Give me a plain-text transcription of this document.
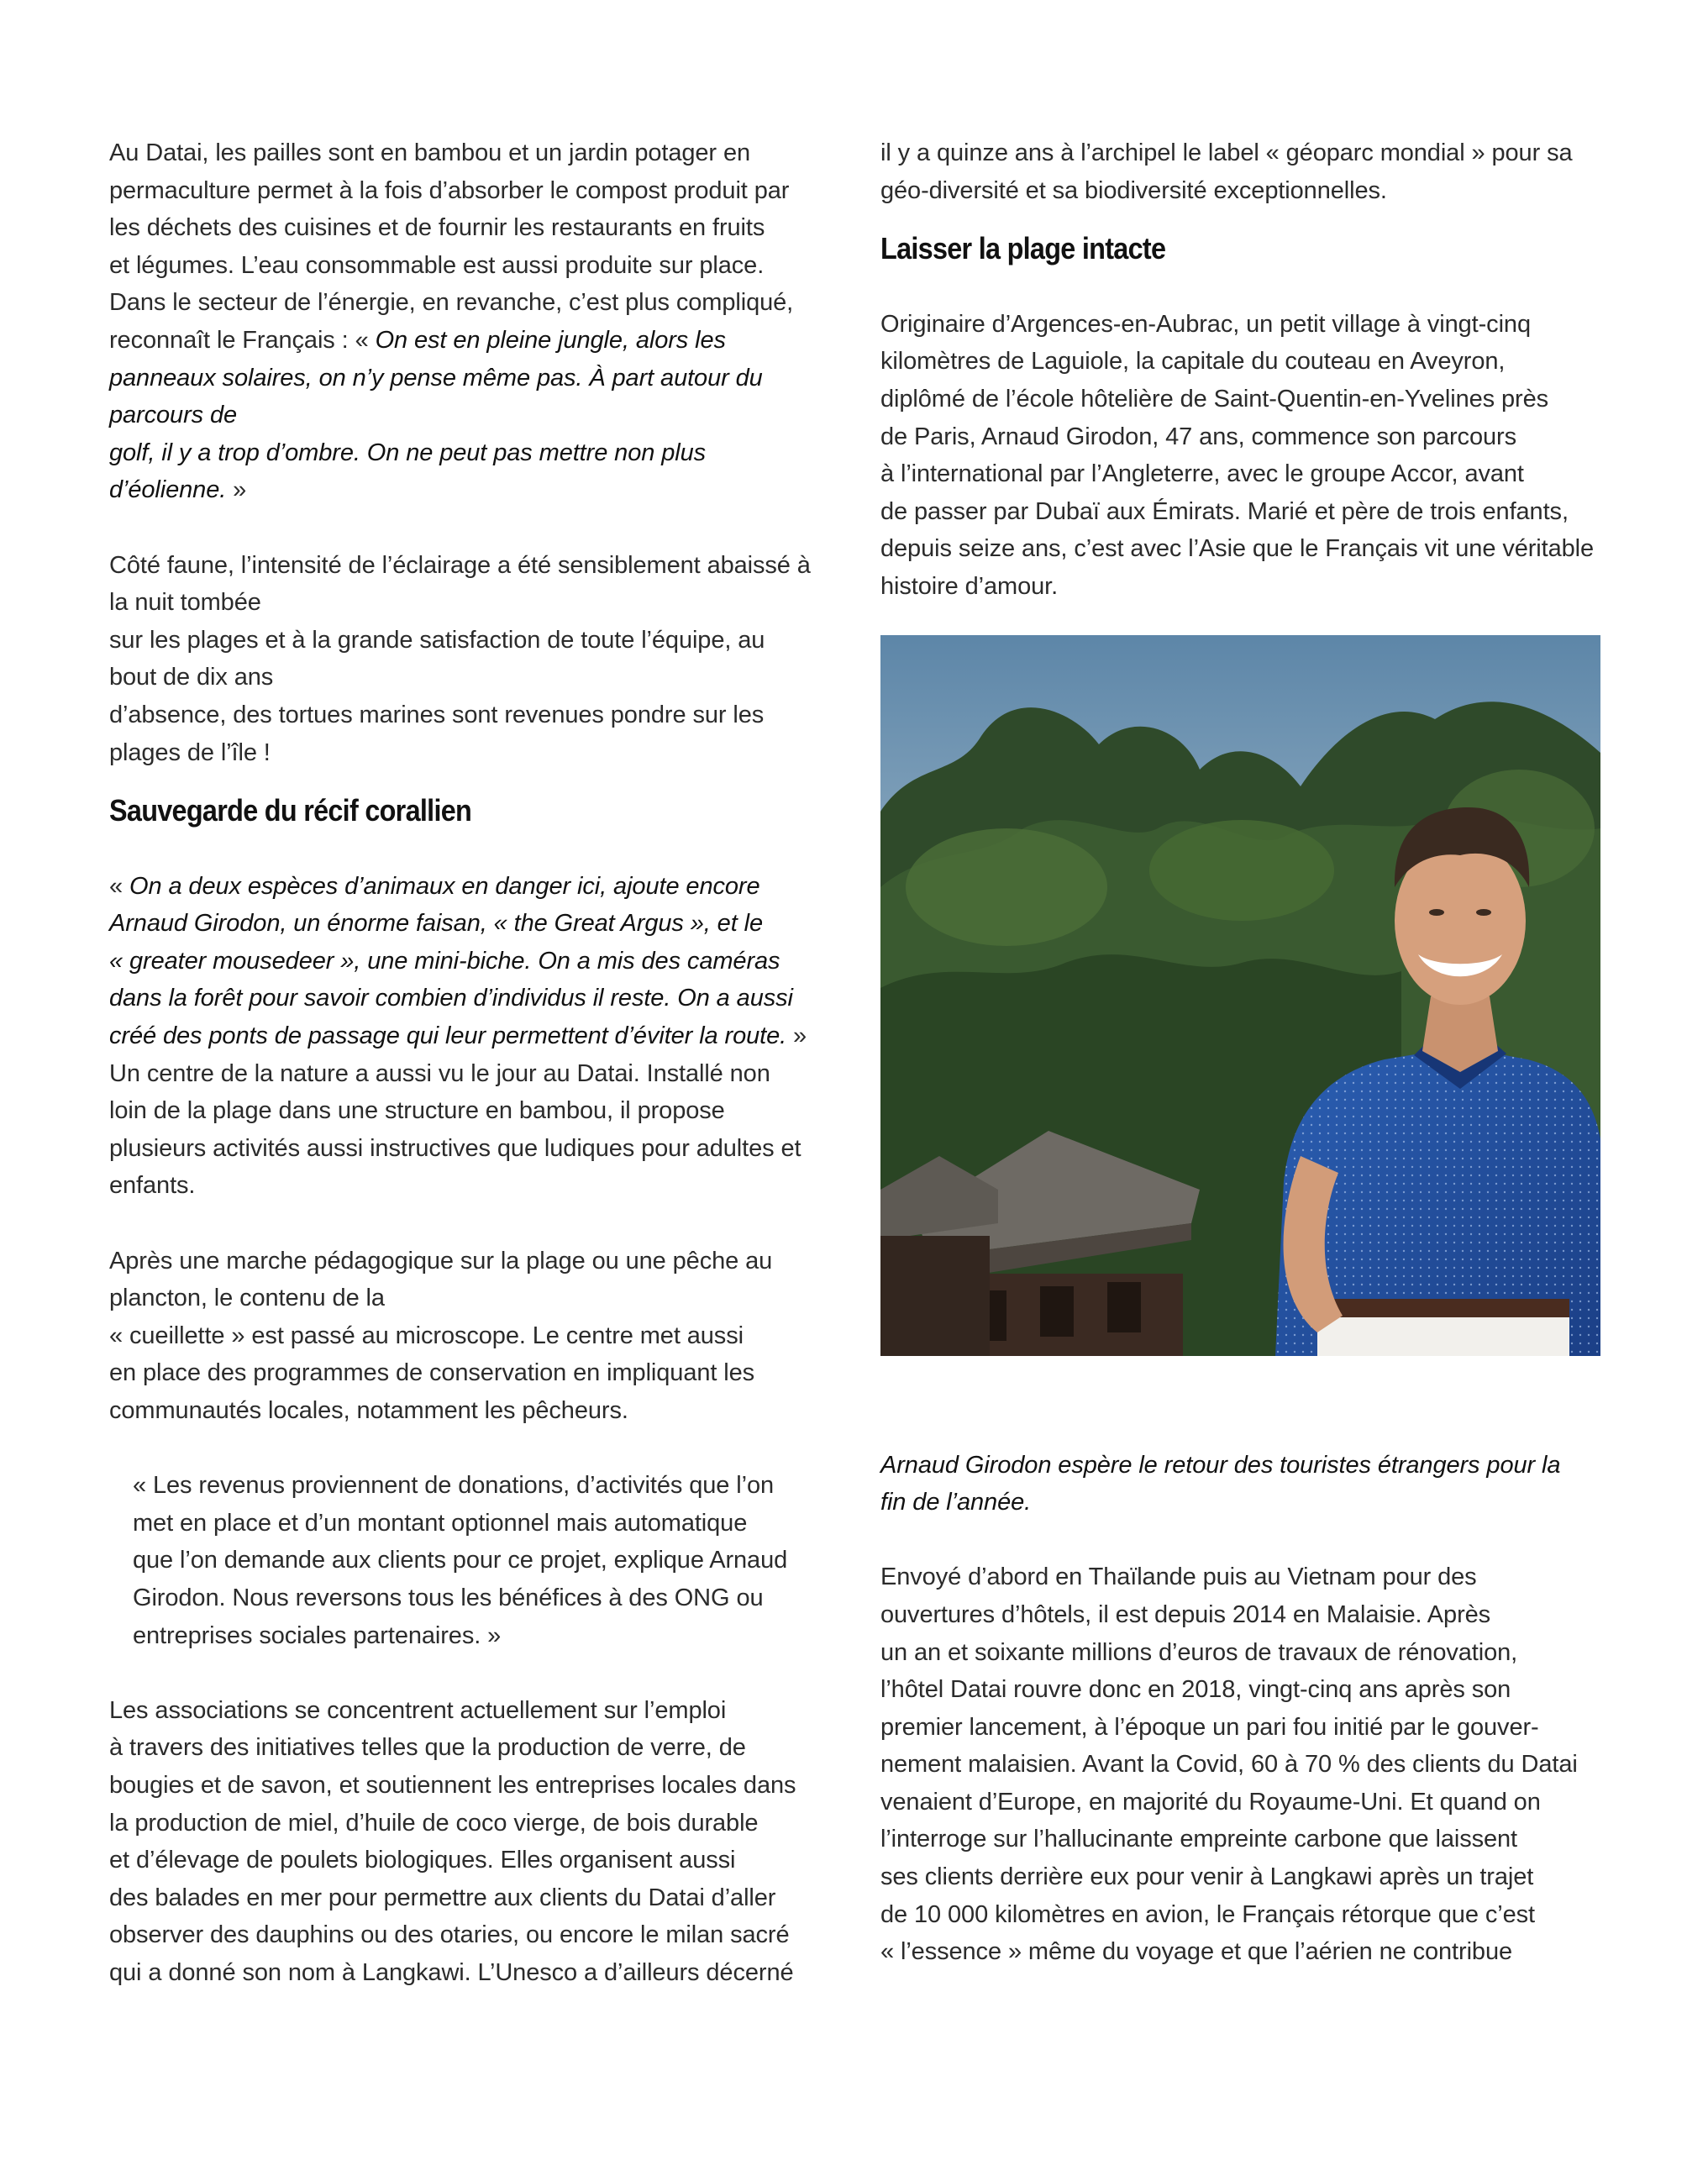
Au Datai, les pailles sont en bambou et un jardin potager en
permaculture permet à la fois d’absorber le compost produit par
les déchets des cuisines et de fournir les restaurants en fruits
et légumes. L’eau consommable est aussi produite sur place.
Dans le secteur de l’énergie, en revanche, c’est plus compliqué,
reconnaît le Français : « On est en pleine jungle, alors les
panneaux solaires, on n’y pense même pas. À part autour du
parcours de
golf, il y a trop d’ombre. On ne peut pas mettre non plus
d’éolienne. »
Côté faune, l’intensité de l’éclairage a été sensiblement abaissé à
la nuit tombée
sur les plages et à la grande satisfaction de toute l’équipe, au
bout de dix ans
d’absence, des tortues marines sont revenues pondre sur les
plages de l’île !
Sauvegarde du récif corallien
« On a deux espèces d’animaux en danger ici, ajoute encore
Arnaud Girodon, un énorme faisan, « the Great Argus », et le
« greater mousedeer », une mini-biche. On a mis des caméras
dans la forêt pour savoir combien d’individus il reste. On a aussi
créé des ponts de passage qui leur permettent d’éviter la route. »
Un centre de la nature a aussi vu le jour au Datai. Installé non
loin de la plage dans une structure en bambou, il propose
plusieurs activités aussi instructives que ludiques pour adultes et
enfants.
Après une marche pédagogique sur la plage ou une pêche au
plancton, le contenu de la
« cueillette » est passé au microscope. Le centre met aussi
en place des programmes de conservation en impliquant les
communautés locales, notamment les pêcheurs.
« Les revenus proviennent de donations, d’activités que l’on
met en place et d’un montant optionnel mais automatique
que l’on demande aux clients pour ce projet, explique Arnaud
Girodon. Nous reversons tous les bénéfices à des ONG ou
entreprises sociales partenaires. »
Les associations se concentrent actuellement sur l’emploi
à travers des initiatives telles que la production de verre, de
bougies et de savon, et soutiennent les entreprises locales dans
la production de miel, d’huile de coco vierge, de bois durable
et d’élevage de poulets biologiques. Elles organisent aussi
des balades en mer pour permettre aux clients du Datai d’aller
observer des dauphins ou des otaries, ou encore le milan sacré
qui a donné son nom à Langkawi. L’Unesco a d’ailleurs décerné
il y a quinze ans à l’archipel le label « géoparc mondial » pour sa
géo-diversité et sa biodiversité exceptionnelles.
Laisser la plage intacte
Originaire d’Argences-en-Aubrac, un petit village à vingt-cinq
kilomètres de Laguiole, la capitale du couteau en Aveyron,
diplômé de l’école hôtelière de Saint-Quentin-en-Yvelines près
de Paris, Arnaud Girodon, 47 ans, commence son parcours
à l’international par l’Angleterre, avec le groupe Accor, avant
de passer par Dubaï aux Émirats. Marié et père de trois enfants,
depuis seize ans, c’est avec l’Asie que le Français vit une véritable
histoire d’amour.
Arnaud Girodon espère le retour des touristes étrangers pour la
fin de l’année.
Envoyé d’abord en Thaïlande puis au Vietnam pour des
ouvertures d’hôtels, il est depuis 2014 en Malaisie. Après
un an et soixante millions d’euros de travaux de rénovation,
l’hôtel Datai rouvre donc en 2018, vingt-cinq ans après son
premier lancement, à l’époque un pari fou initié par le gouver-
nement malaisien. Avant la Covid, 60 à 70 % des clients du Datai
venaient d’Europe, en majorité du Royaume-Uni. Et quand on
l’interroge sur l’hallucinante empreinte carbone que laissent
ses clients derrière eux pour venir à Langkawi après un trajet
de 10 000 kilomètres en avion, le Français rétorque que c’est
« l’essence » même du voyage et que l’aérien ne contribue
